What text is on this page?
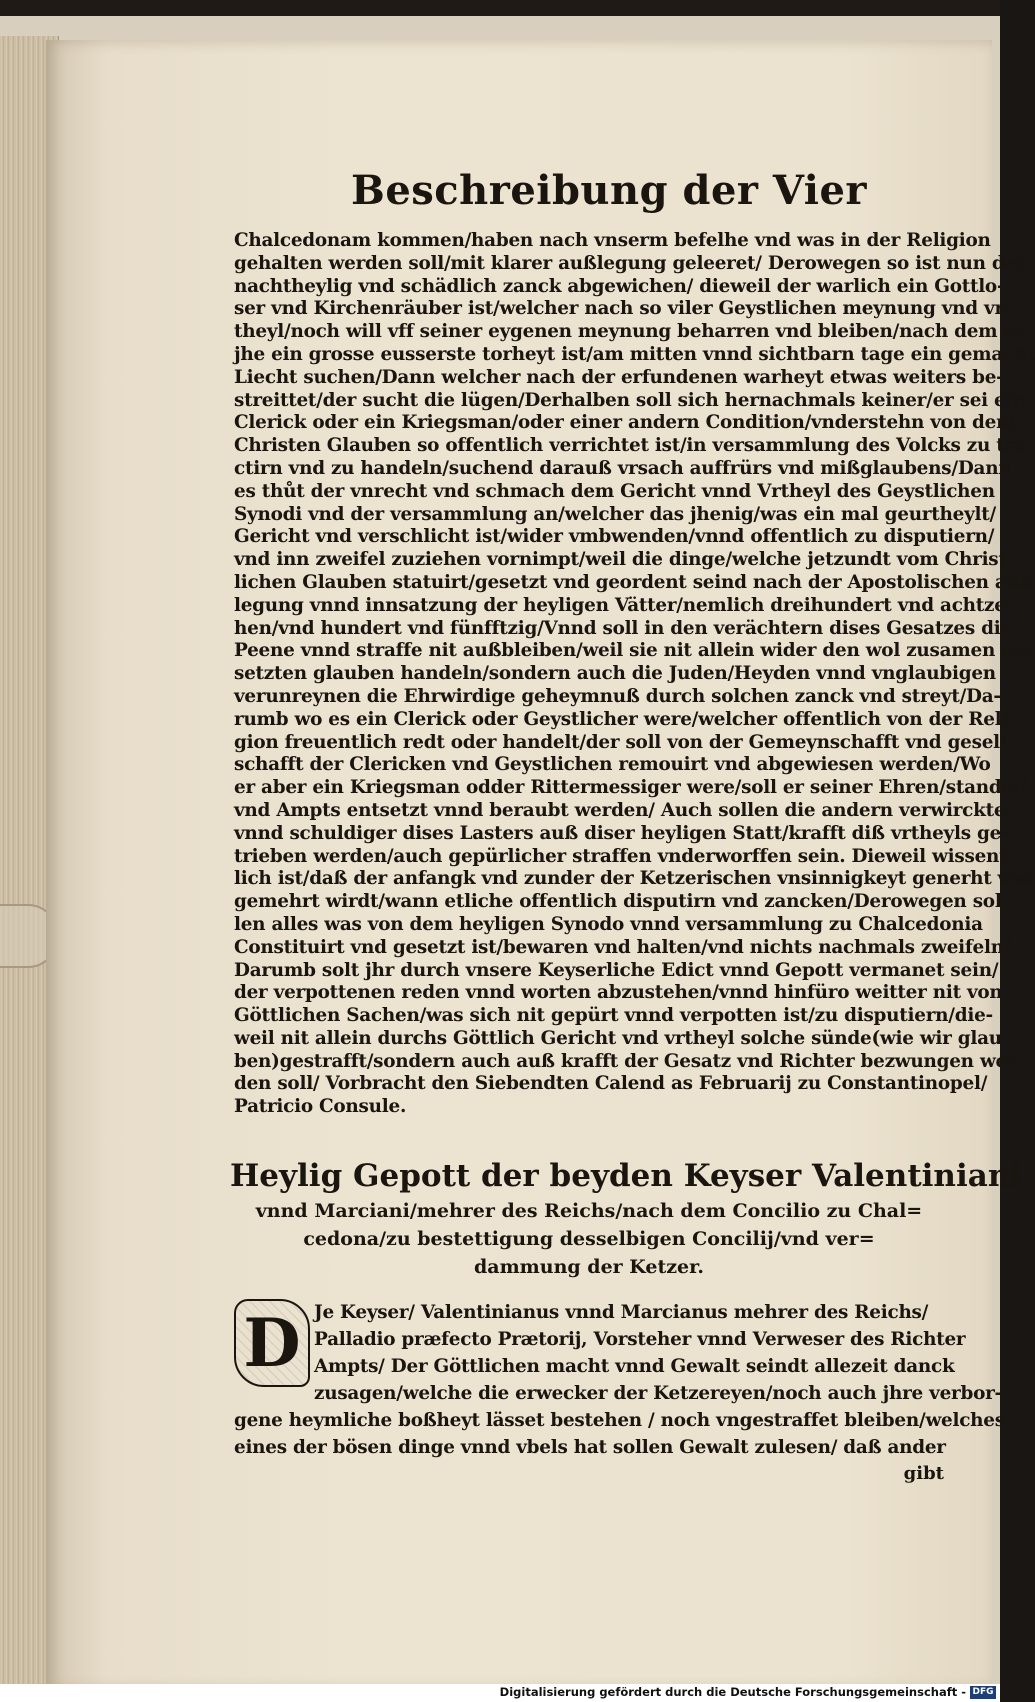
Beschreibung der Vier
Chalcedonam kommen/haben nach vnserm befelhe vnd was in der Religion
gehalten werden soll/mit klarer außlegung geleeret/ Derowegen so ist nun der
nachtheylig vnd schädlich zanck abgewichen/ dieweil der warlich ein Gottlo-
ser vnd Kirchenräuber ist/welcher nach so viler Geystlichen meynung vnd vr-
theyl/noch will vff seiner eygenen meynung beharren vnd bleiben/nach dem es
jhe ein grosse eusserste torheyt ist/am mitten vnnd sichtbarn tage ein gemacht
Liecht suchen/Dann welcher nach der erfundenen warheyt etwas weiters be-
streittet/der sucht die lügen/Derhalben soll sich hernachmals keiner/er sei ein
Clerick oder ein Kriegsman/oder einer andern Condition/vnderstehn von dem
Christen Glauben so offentlich verrichtet ist/in versammlung des Volcks zu tra-
ctirn vnd zu handeln/suchend darauß vrsach auffrürs vnd mißglaubens/Dann
es thůt der vnrecht vnd schmach dem Gericht vnnd Vrtheyl des Geystlichen
Synodi vnd der versammlung an/welcher das jhenig/was ein mal geurtheylt/
Gericht vnd verschlicht ist/wider vmbwenden/vnnd offentlich zu disputiern/
vnd inn zweifel zuziehen vornimpt/weil die dinge/welche jetzundt vom Christ-
lichen Glauben statuirt/gesetzt vnd geordent seind nach der Apostolischen auß
legung vnnd innsatzung der heyligen Vätter/nemlich dreihundert vnd achtze-
hen/vnd hundert vnd fünfftzig/Vnnd soll in den verächtern dises Gesatzes die
Peene vnnd straffe nit außbleiben/weil sie nit allein wider den wol zusamen ge-
setzten glauben handeln/sondern auch die Juden/Heyden vnnd vnglaubigen
verunreynen die Ehrwirdige geheymnuß durch solchen zanck vnd streyt/Da-
rumb wo es ein Clerick oder Geystlicher were/welcher offentlich von der Reli-
gion freuentlich redt oder handelt/der soll von der Gemeynschafft vnd gesell-
schafft der Clericken vnd Geystlichen remouirt vnd abgewiesen werden/Wo
er aber ein Kriegsman odder Rittermessiger were/soll er seiner Ehren/standts/
vnd Ampts entsetzt vnnd beraubt werden/ Auch sollen die andern verwirckte
vnnd schuldiger dises Lasters auß diser heyligen Statt/krafft diß vrtheyls ge-
trieben werden/auch gepürlicher straffen vnderworffen sein. Dieweil wissent-
lich ist/daß der anfangk vnd zunder der Ketzerischen vnsinnigkeyt generht vnd
gemehrt wirdt/wann etliche offentlich disputirn vnd zancken/Derowegen sol
len alles was von dem heyligen Synodo vnnd versammlung zu Chalcedonia
Constituirt vnd gesetzt ist/bewaren vnd halten/vnd nichts nachmals zweifeln/
Darumb solt jhr durch vnsere Keyserliche Edict vnnd Gepott vermanet sein/
der verpottenen reden vnnd worten abzustehen/vnnd hinfüro weitter nit von
Göttlichen Sachen/was sich nit gepürt vnnd verpotten ist/zu disputiern/die-
weil nit allein durchs Göttlich Gericht vnd vrtheyl solche sünde(wie wir glau
ben)gestrafft/sondern auch auß krafft der Gesatz vnd Richter bezwungen wer
den soll/ Vorbracht den Siebendten Calend as Februarij zu Constantinopel/
Patricio Consule.
Heylig Gepott der beyden Keyser Valentiniani
vnnd Marciani/mehrer des Reichs/nach dem Concilio zu Chal=
cedona/zu bestettigung desselbigen Concilij/vnd ver=
dammung der Ketzer.
D Je Keyser/ Valentinianus vnnd Marcianus mehrer des Reichs/
Palladio præfecto Prætorij, Vorsteher vnnd Verweser des Richter
Ampts/ Der Göttlichen macht vnnd Gewalt seindt allezeit danck
zusagen/welche die erwecker der Ketzereyen/noch auch jhre verbor-
gene heymliche boßheyt lässet bestehen / noch vngestraffet bleiben/welches
eines der bösen dinge vnnd vbels hat sollen Gewalt zulesen/ daß ander
gibt
Digitalisierung gefördert durch die Deutsche Forschungsgemeinschaft - DFG
